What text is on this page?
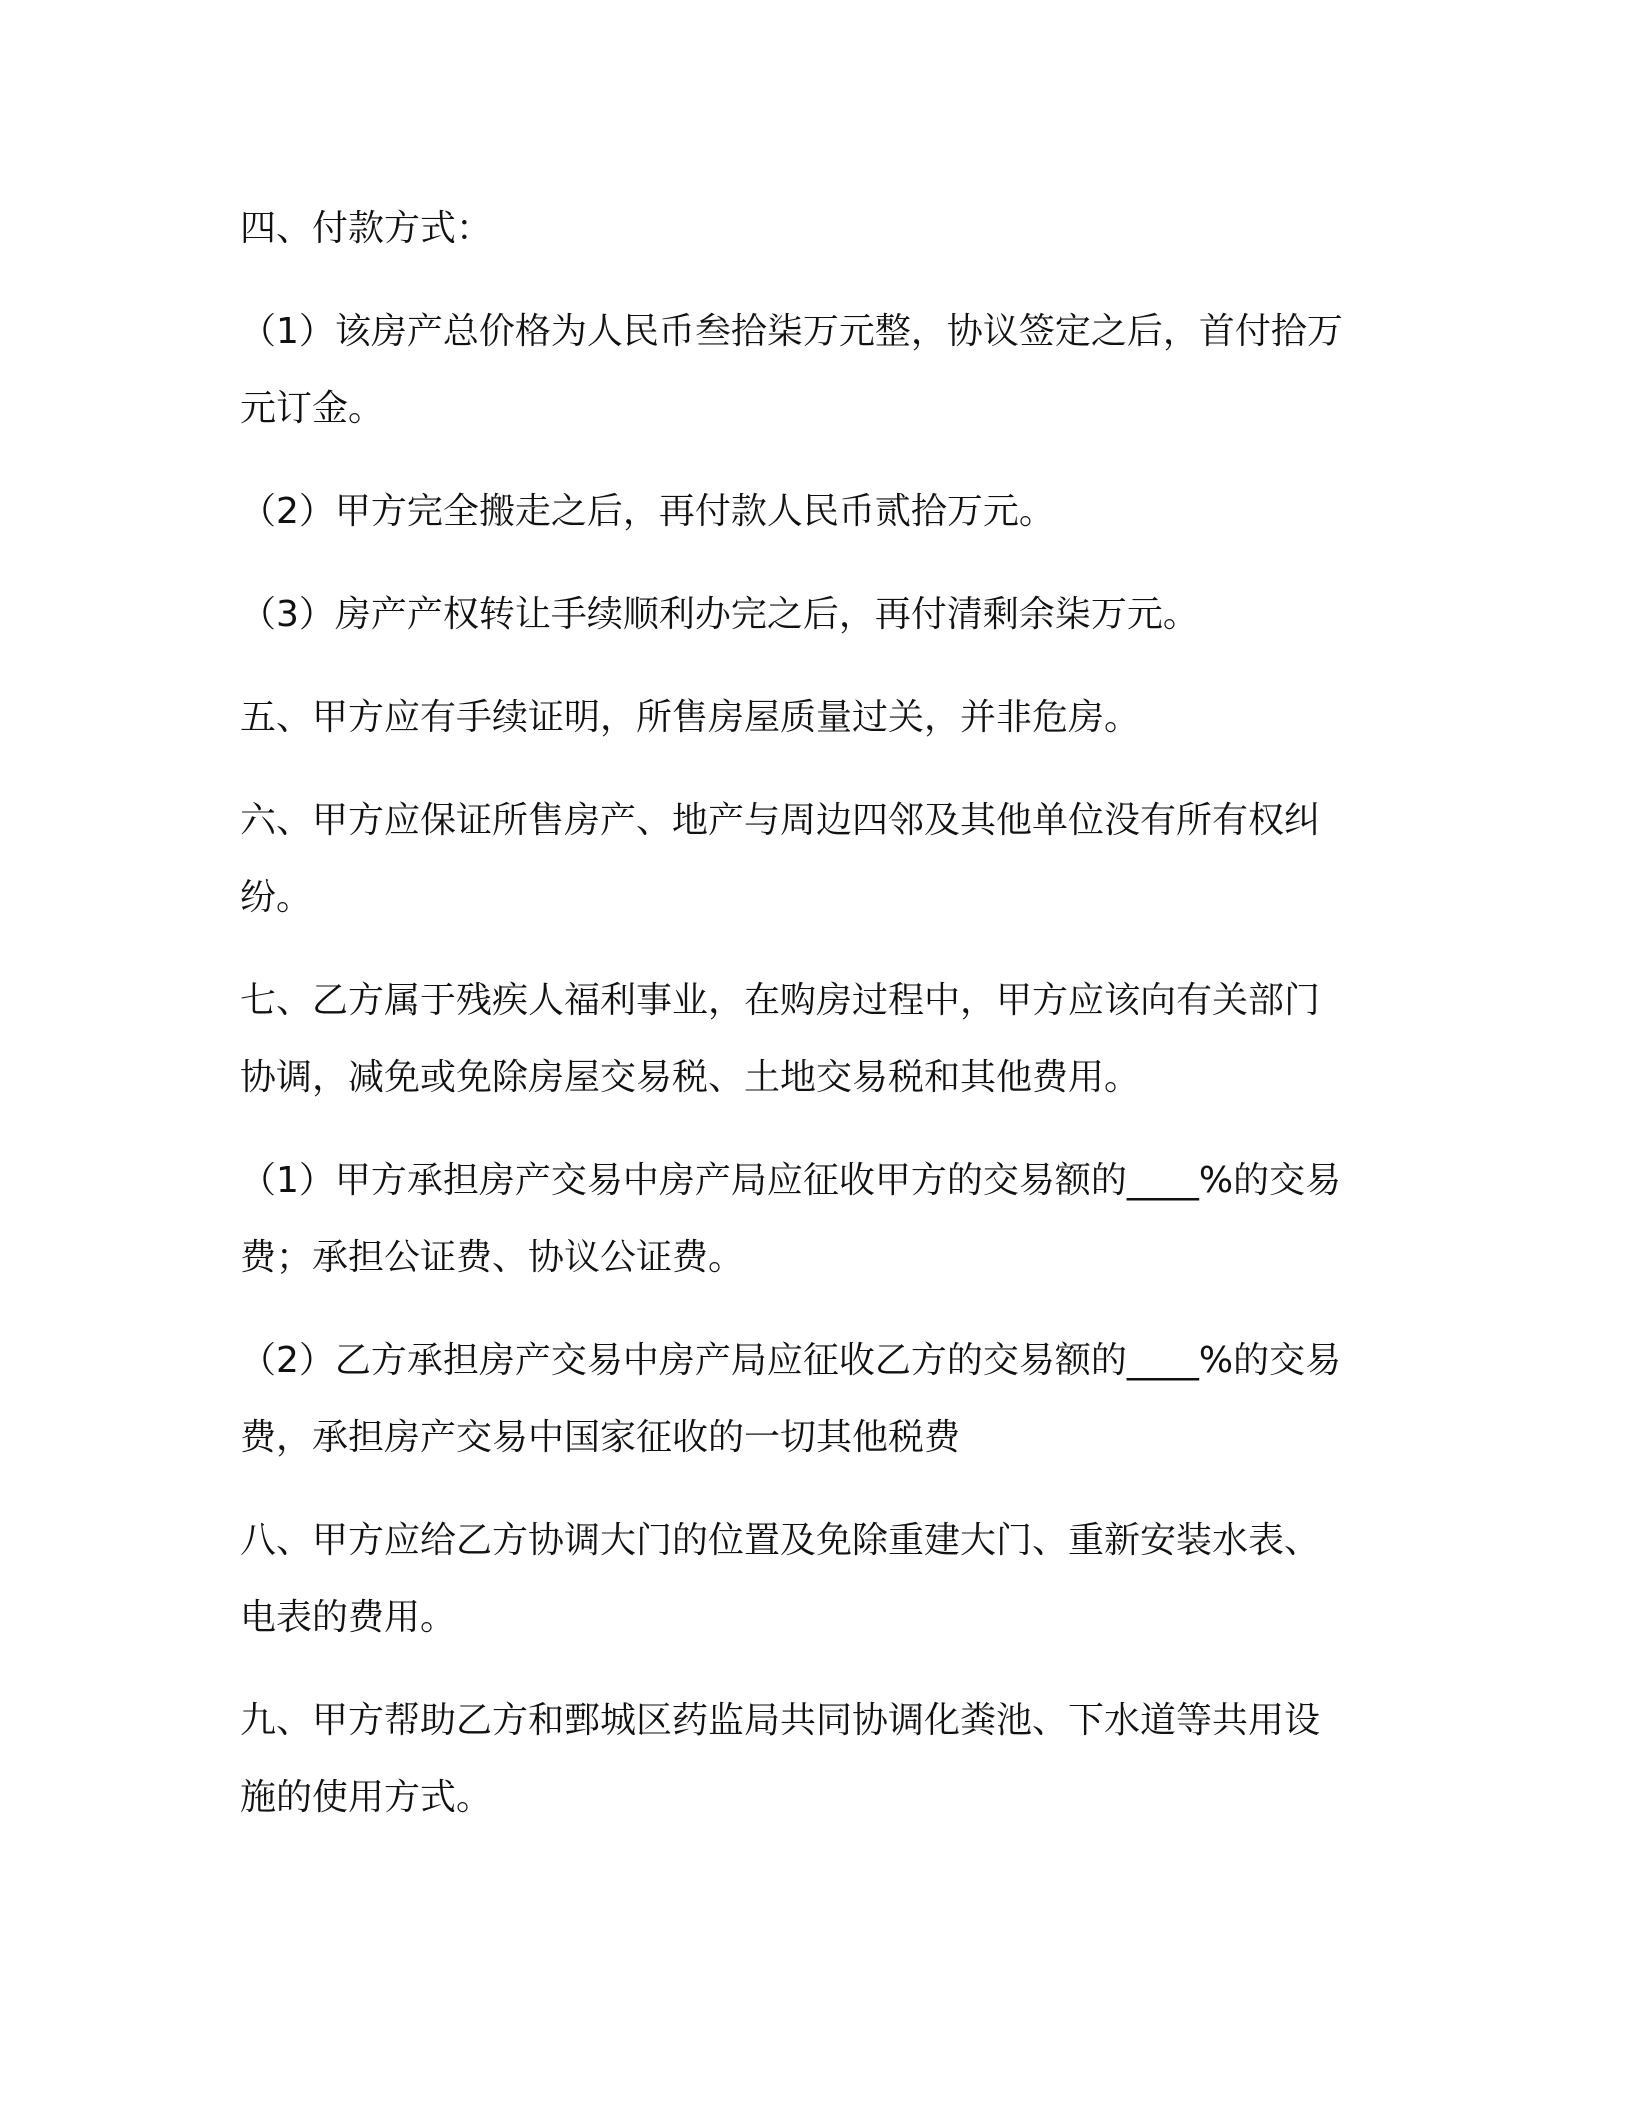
四、付款方式：

（1）该房产总价格为人民币叁拾柒万元整，协议签定之后，首付拾万
元订金。

（2）甲方完全搬走之后，再付款人民币贰拾万元。

（3）房产产权转让手续顺利办完之后，再付清剩余柒万元。

五、甲方应有手续证明，所售房屋质量过关，并非危房。

六、甲方应保证所售房产、地产与周边四邻及其他单位没有所有权纠
纷。

七、乙方属于残疾人福利事业，在购房过程中，甲方应该向有关部门
协调，减免或免除房屋交易税、土地交易税和其他费用。

（1）甲方承担房产交易中房产局应征收甲方的交易额的____%的交易
费；承担公证费、协议公证费。

（2）乙方承担房产交易中房产局应征收乙方的交易额的____%的交易
费，承担房产交易中国家征收的一切其他税费

八、甲方应给乙方协调大门的位置及免除重建大门、重新安装水表、
电表的费用。

九、甲方帮助乙方和鄄城区药监局共同协调化粪池、下水道等共用设
施的使用方式。
